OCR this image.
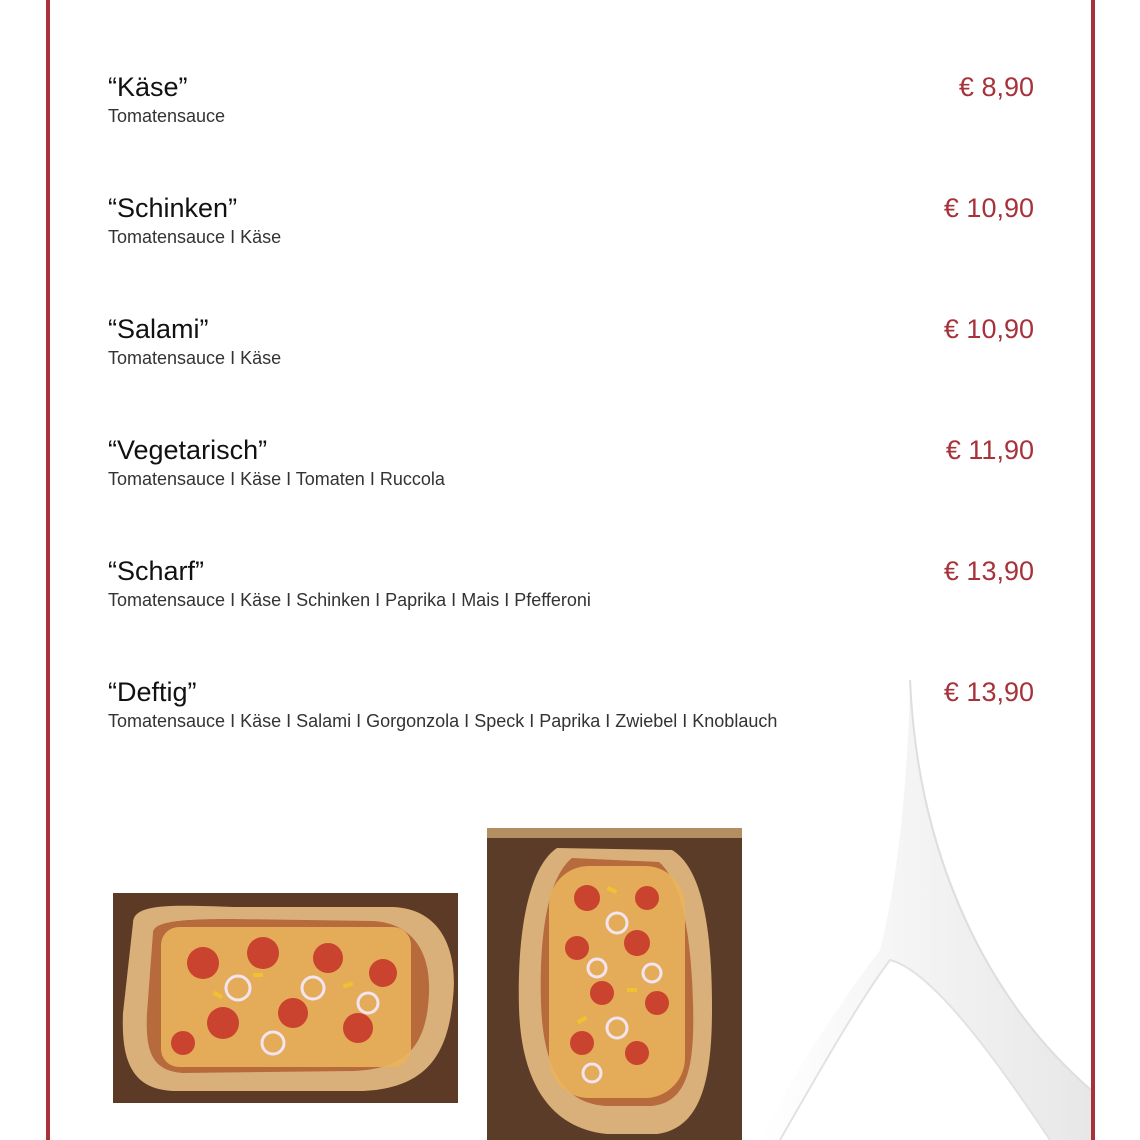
“Käse”	€ 8,90
Tomatensauce
“Schinken”	€ 10,90
Tomatensauce I Käse
“Salami”	€ 10,90
Tomatensauce I Käse
“Vegetarisch”	€ 11,90
Tomatensauce I Käse I Tomaten I Ruccola
“Scharf”	€ 13,90
Tomatensauce I Käse I Schinken I Paprika I Mais I Pfefferoni
“Deftig”	€ 13,90
Tomatensauce I Käse I Salami I Gorgonzola I Speck I Paprika I Zwiebel I Knoblauch
